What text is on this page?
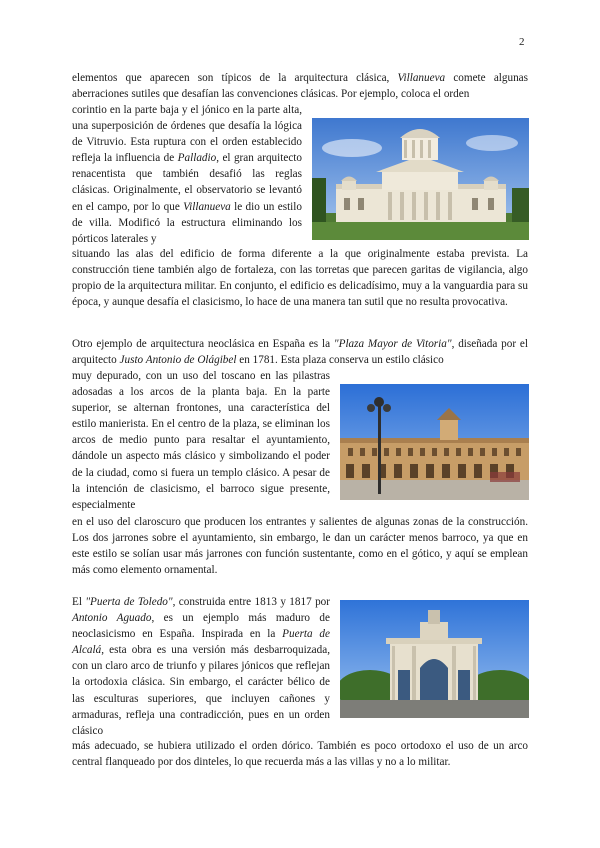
2

elementos que aparecen son típicos de la arquitectura clásica, Villanueva comete algunas aberraciones sutiles que desafían las convenciones clásicas. Por ejemplo, coloca el orden

corintio en la parte baja y el jónico en la parte alta, una superposición de órdenes que desafía la lógica de Vitruvio. Esta ruptura con el orden establecido refleja la influencia de Palladio, el gran arquitecto renacentista que también desafió las reglas clásicas. Originalmente, el observatorio se levantó en el campo, por lo que Villanueva le dio un estilo de villa. Modificó la estructura eliminando los pórticos laterales y

situando las alas del edificio de forma diferente a la que originalmente estaba prevista. La construcción tiene también algo de fortaleza, con las torretas que parecen garitas de vigilancia, algo propio de la arquitectura militar. En conjunto, el edificio es delicadísimo, muy a la vanguardia para su época, y aunque desafía el clasicismo, lo hace de una manera tan sutil que no resulta provocativa.

Otro ejemplo de arquitectura neoclásica en España es la "Plaza Mayor de Vitoria", diseñada por el arquitecto Justo Antonio de Olágibel en 1781. Esta plaza conserva un estilo clásico

muy depurado, con un uso del toscano en las pilastras adosadas a los arcos de la planta baja. En la parte superior, se alternan frontones, una característica del estilo manierista. En el centro de la plaza, se eliminan los arcos de medio punto para resaltar el ayuntamiento, dándole un aspecto más clásico y simbolizando el poder de la ciudad, como si fuera un templo clásico. A pesar de la intención de clasicismo, el barroco sigue presente, especialmente

en el uso del claroscuro que producen los entrantes y salientes de algunas zonas de la construcción. Los dos jarrones sobre el ayuntamiento, sin embargo, le dan un carácter menos barroco, ya que en este estilo se solían usar más jarrones con función sustentante, como en el gótico, y aquí se emplean más como elemento ornamental.

El "Puerta de Toledo", construida entre 1813 y 1817 por Antonio Aguado, es un ejemplo más maduro de neoclasicismo en España. Inspirada en la Puerta de Alcalá, esta obra es una versión más desbarroquizada, con un claro arco de triunfo y pilares jónicos que reflejan la ortodoxia clásica. Sin embargo, el carácter bélico de las esculturas superiores, que incluyen cañones y armaduras, refleja una contradicción, pues en un orden clásico

más adecuado, se hubiera utilizado el orden dórico. También es poco ortodoxo el uso de un arco central flanqueado por dos dinteles, lo que recuerda más a las villas y no a lo militar.
